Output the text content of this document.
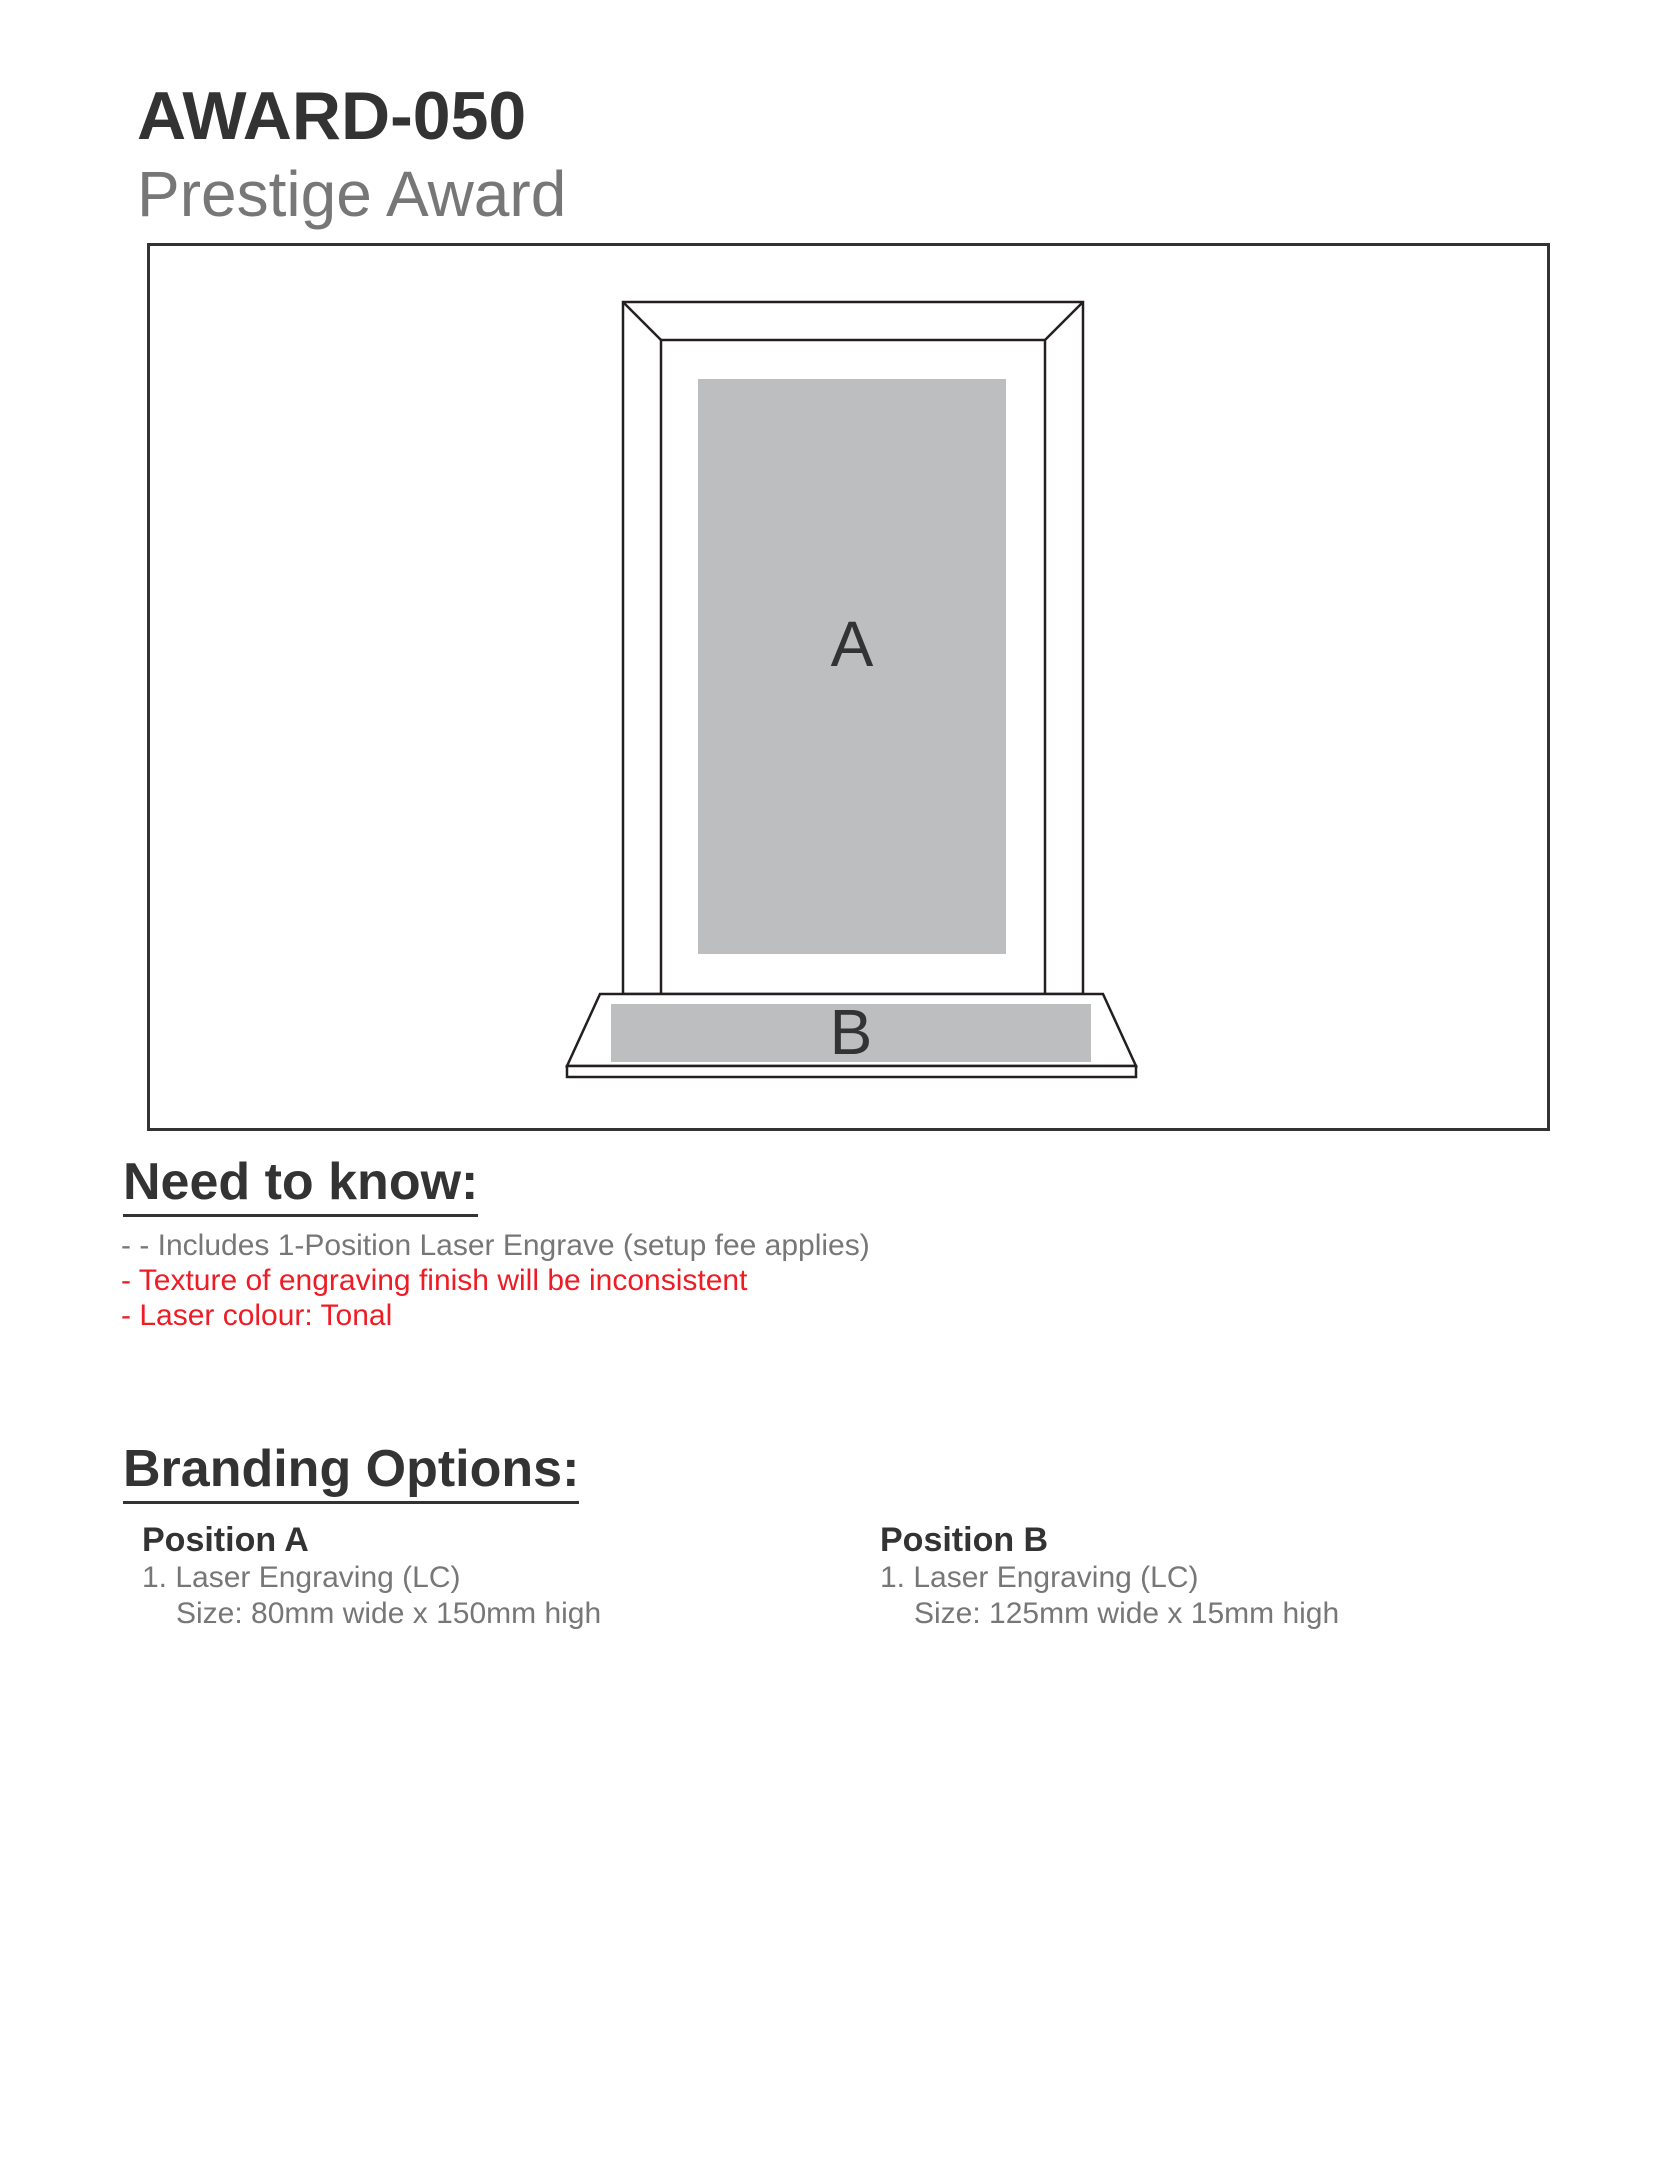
AWARD-050
Prestige Award
A
B
Need to know:
- - Includes 1-Position Laser Engrave (setup fee applies)
- Texture of engraving finish will be inconsistent
- Laser colour: Tonal
Branding Options:
Position A
1. Laser Engraving (LC)
Size: 80mm wide x 150mm high
Position B
1. Laser Engraving (LC)
Size: 125mm wide x 15mm high
